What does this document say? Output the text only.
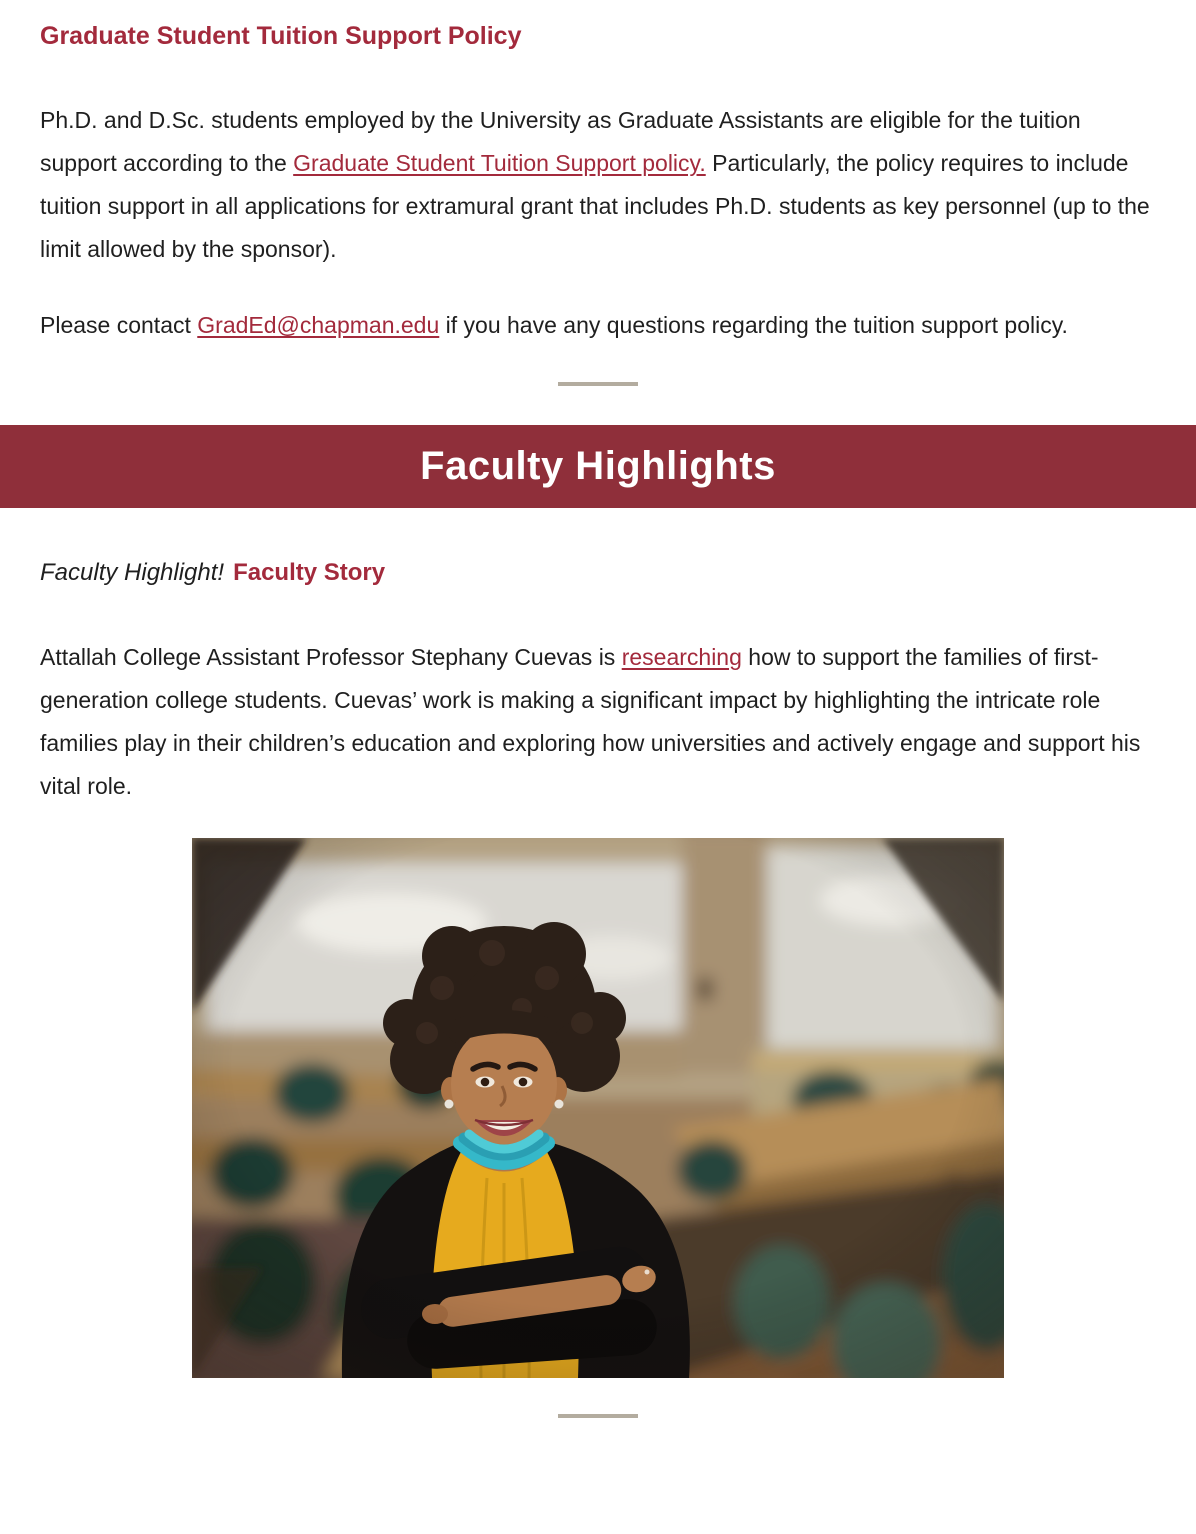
Graduate Student Tuition Support Policy

Ph.D. and D.Sc. students employed by the University as Graduate Assistants are eligible for the tuition support according to the Graduate Student Tuition Support policy. Particularly, the policy requires to include tuition support in all applications for extramural grant that includes Ph.D. students as key personnel (up to the limit allowed by the sponsor).

Please contact GradEd@chapman.edu if you have any questions regarding the tuition support policy.

Faculty Highlights
Faculty Highlight! Faculty Story

Attallah College Assistant Professor Stephany Cuevas is researching how to support the families of first-generation college students. Cuevas’ work is making a significant impact by highlighting the intricate role families play in their children’s education and exploring how universities and actively engage and support his vital role.
